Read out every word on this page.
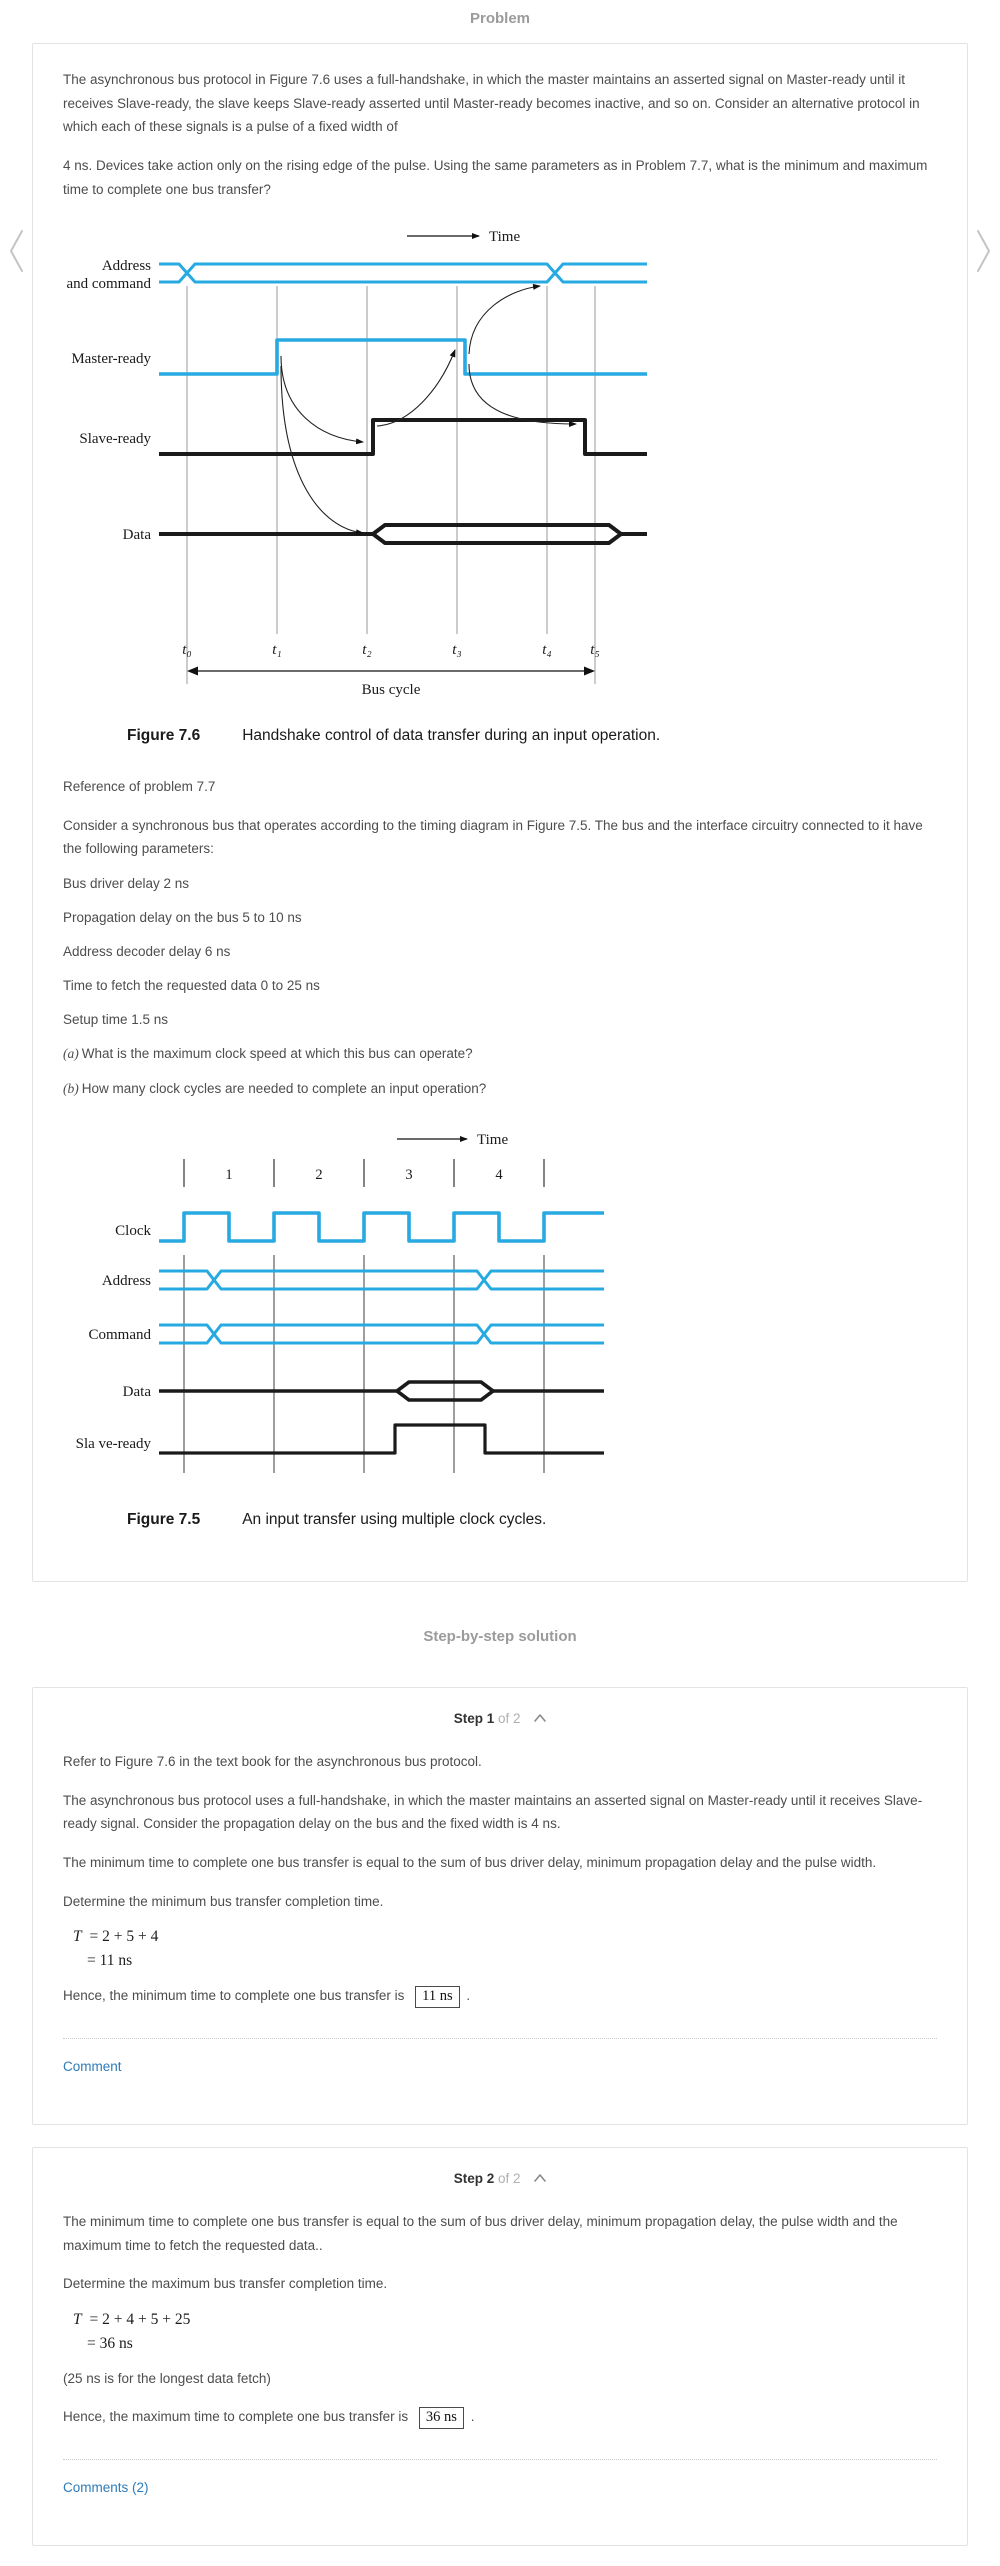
Problem

The asynchronous bus protocol in Figure 7.6 uses a full-handshake, in which the master maintains an asserted signal on Master-ready until it receives Slave-ready, the slave keeps Slave-ready asserted until Master-ready becomes inactive, and so on. Consider an alternative protocol in which each of these signals is a pulse of a fixed width of

4 ns. Devices take action only on the rising edge of the pulse. Using the same parameters as in Problem 7.7, what is the minimum and maximum time to complete one bus transfer?

Time
Address
and command
Master-ready
Slave-ready
Data
t₀	t₁	t₂	t₃	t₄	t₅
Bus cycle
Figure 7.6	Handshake control of data transfer during an input operation.

Reference of problem 7.7

Consider a synchronous bus that operates according to the timing diagram in Figure 7.5. The bus and the interface circuitry connected to it have the following parameters:

Bus driver delay 2 ns

Propagation delay on the bus 5 to 10 ns

Address decoder delay 6 ns

Time to fetch the requested data 0 to 25 ns

Setup time 1.5 ns

(a) What is the maximum clock speed at which this bus can operate?

(b) How many clock cycles are needed to complete an input operation?

Time
1	2	3	4
Clock
Address
Command
Data
Sla ve-ready
Figure 7.5	An input transfer using multiple clock cycles.
Step-by-step solution
Step 1 of 2

Refer to Figure 7.6 in the text book for the asynchronous bus protocol.

The asynchronous bus protocol uses a full-handshake, in which the master maintains an asserted signal on Master-ready until it receives Slave-ready signal. Consider the propagation delay on the bus and the fixed width is 4 ns.

The minimum time to complete one bus transfer is equal to the sum of bus driver delay, minimum propagation delay and the pulse width.

Determine the minimum bus transfer completion time.

T = 2 + 5 + 4
= 11 ns

Hence, the minimum time to complete one bus transfer is 11 ns .

Comment
Step 2 of 2

The minimum time to complete one bus transfer is equal to the sum of bus driver delay, minimum propagation delay, the pulse width and the maximum time to fetch the requested data..

Determine the maximum bus transfer completion time.

T = 2 + 4 + 5 + 25
= 36 ns

(25 ns is for the longest data fetch)

Hence, the maximum time to complete one bus transfer is 36 ns .

Comments (2)
